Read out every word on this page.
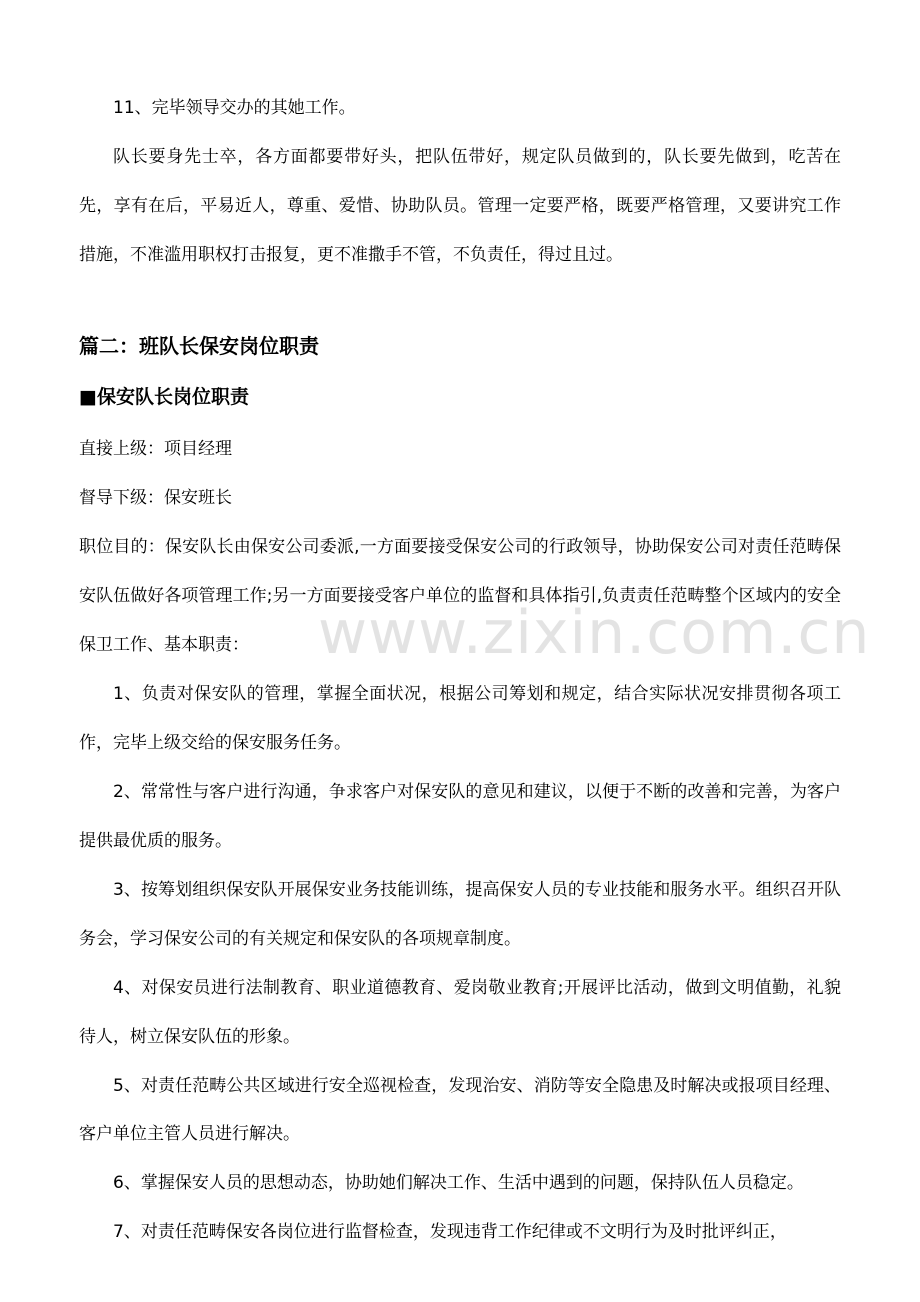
11、完毕领导交办的其她工作。

队长要身先士卒，各方面都要带好头，把队伍带好，规定队员做到的，队长要先做到，吃苦在先，享有在后，平易近人，尊重、爱惜、协助队员。管理一定要严格，既要严格管理，又要讲究工作措施，不准滥用职权打击报复，更不准撒手不管，不负责任，得过且过。

篇二：班队长保安岗位职责

■保安队长岗位职责

直接上级：项目经理

督导下级：保安班长

职位目的：保安队长由保安公司委派,一方面要接受保安公司的行政领导，协助保安公司对责任范畴保安队伍做好各项管理工作;另一方面要接受客户单位的监督和具体指引,负责责任范畴整个区域内的安全保卫工作、基本职责：

1、负责对保安队的管理，掌握全面状况，根据公司筹划和规定，结合实际状况安排贯彻各项工作，完毕上级交给的保安服务任务。

2、常常性与客户进行沟通，争求客户对保安队的意见和建议，以便于不断的改善和完善，为客户提供最优质的服务。

3、按筹划组织保安队开展保安业务技能训练，提高保安人员的专业技能和服务水平。组织召开队务会，学习保安公司的有关规定和保安队的各项规章制度。

4、对保安员进行法制教育、职业道德教育、爱岗敬业教育;开展评比活动，做到文明值勤，礼貌待人，树立保安队伍的形象。

5、对责任范畴公共区域进行安全巡视检查，发现治安、消防等安全隐患及时解决或报项目经理、客户单位主管人员进行解决。

6、掌握保安人员的思想动态，协助她们解决工作、生活中遇到的问题，保持队伍人员稳定。

7、对责任范畴保安各岗位进行监督检查，发现违背工作纪律或不文明行为及时批评纠正，

www.zixin.com.cn
